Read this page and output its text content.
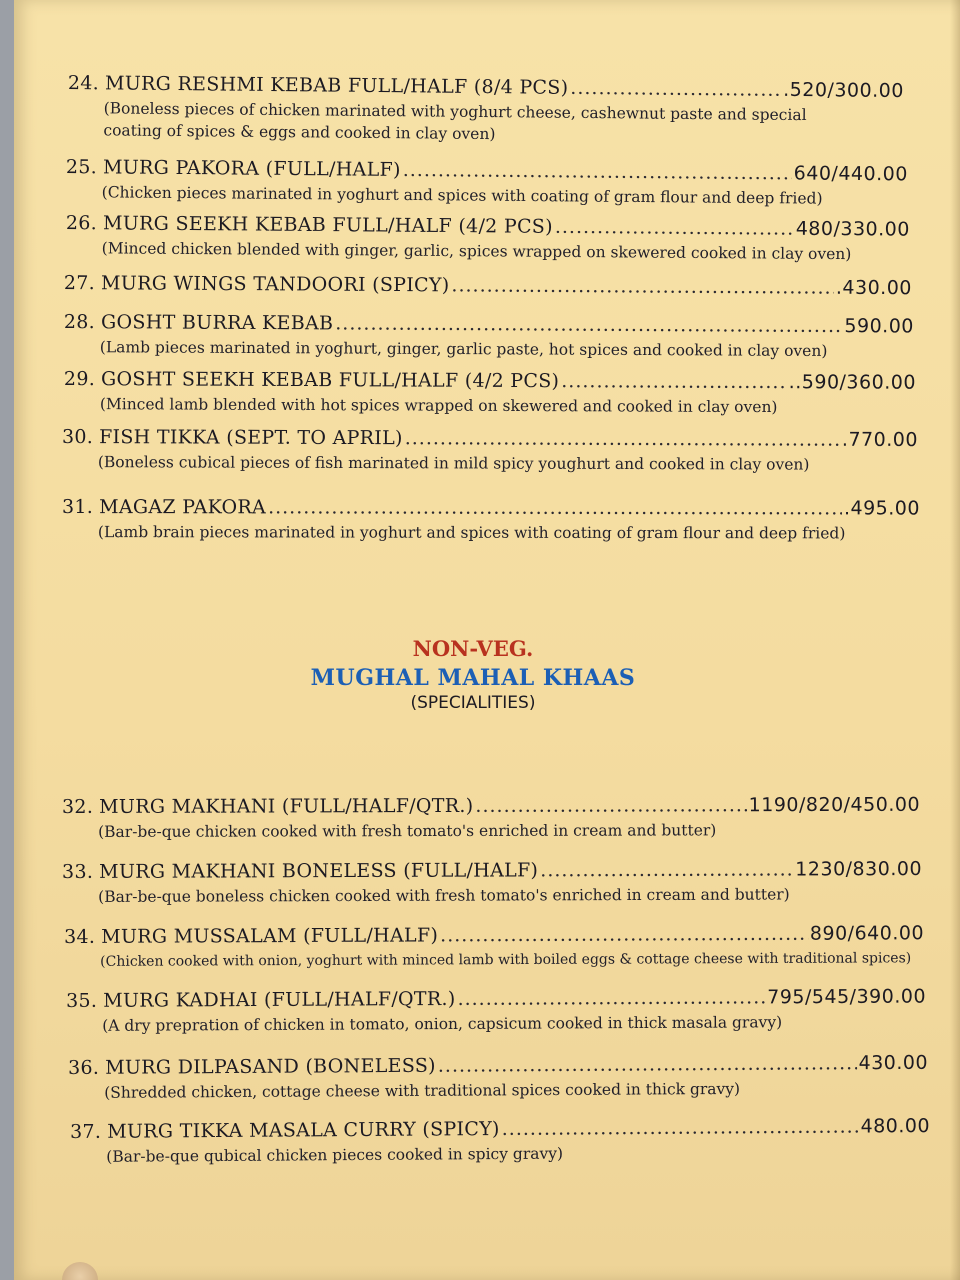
24. MURG RESHMI KEBAB FULL/HALF (8/4 PCS) .....	.520/300.00
(Boneless pieces of chicken marinated with yoghurt cheese, cashewnut paste and special
coating of spices & eggs and cooked in clay oven)
25. MURG PAKORA (FULL/HALF) .....	640/440.00
(Chicken pieces marinated in yoghurt and spices with coating of gram flour and deep fried)
26. MURG SEEKH KEBAB FULL/HALF (4/2 PCS) .....	480/330.00
(Minced chicken blended with ginger, garlic, spices wrapped on skewered cooked in clay oven)
27. MURG WINGS TANDOORI (SPICY) .....	.430.00
28. GOSHT BURRA KEBAB .....	590.00
(Lamb pieces marinated in yoghurt, ginger, garlic paste, hot spices and cooked in clay oven)
29. GOSHT SEEKH KEBAB FULL/HALF (4/2 PCS) .....	..590/360.00
(Minced lamb blended with hot spices wrapped on skewered and cooked in clay oven)
30. FISH TIKKA (SEPT. TO APRIL) .....	.770.00
(Boneless cubical pieces of fish marinated in mild spicy youghurt and cooked in clay oven)
31. MAGAZ PAKORA .....	.495.00
(Lamb brain pieces marinated in yoghurt and spices with coating of gram flour and deep fried)
NON-VEG.
MUGHAL MAHAL KHAAS
(SPECIALITIES)
32. MURG MAKHANI (FULL/HALF/QTR.) .....	1190/820/450.00
(Bar-be-que chicken cooked with fresh tomato's enriched in cream and butter)
33. MURG MAKHANI BONELESS (FULL/HALF) .....	1230/830.00
(Bar-be-que boneless chicken cooked with fresh tomato's enriched in cream and butter)
34. MURG MUSSALAM (FULL/HALF) .....	890/640.00
(Chicken cooked with onion, yoghurt with minced lamb with boiled eggs & cottage cheese with traditional spices)
35. MURG KADHAI (FULL/HALF/QTR.) .....	795/545/390.00
(A dry prepration of chicken in tomato, onion, capsicum cooked in thick masala gravy)
36. MURG DILPASAND (BONELESS) .....	430.00
(Shredded chicken, cottage cheese with traditional spices cooked in thick gravy)
37. MURG TIKKA MASALA CURRY (SPICY) .....	480.00
(Bar-be-que qubical chicken pieces cooked in spicy gravy)
